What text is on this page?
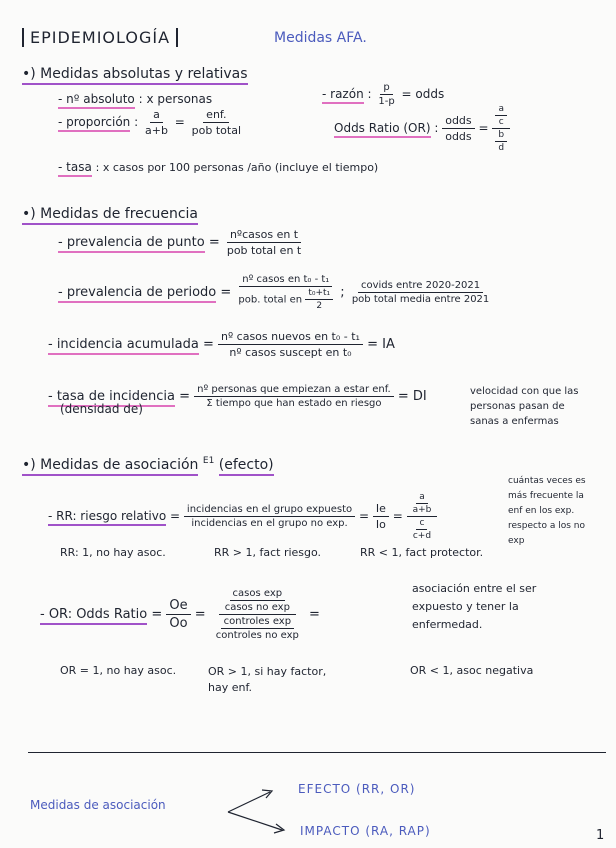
EPIDEMIOLOGÍA	Medidas AFA.
•) Medidas absolutas y relativas
- nº absoluto : x personas
- proporción : $\frac{a}{a+b} = \frac{\text{enf.}}{\text{pob total}}$
- razón : $\frac{p}{1-p}$ = odds
Odds Ratio (OR) : $\frac{\text{odds}}{\text{odds}} = \frac{\frac{a}{c}}{\frac{b}{d}}$
- tasa : x casos por 100 personas /año (incluye el tiempo)
•) Medidas de frecuencia
- prevalencia de punto = $\frac{\text{nºcasos en t}}{\text{pob total en t}}$
- prevalencia de periodo = $\frac{\text{nº casos en t₀ - t₁}}{pob. total en \frac{\text{t₀+t₁}}{2}}$ ; $\frac{\text{covids entre 2020-2021}}{\text{pob total media entre 2021}}$
- incidencia acumulada = $\frac{\text{nº casos nuevos en t₀ - t₁}}{\text{nº casos suscept en t₀}}$ = IA
- tasa de incidencia = $\frac{\text{nº personas que empiezan a estar enf.}}{\text{Σ tiempo que han estado en riesgo}}$ = DI
(densidad de)
velocidad con que las personas pasan de sanas a enfermas
•) Medidas de asociación $^{E1}$ (efecto)
- RR: riesgo relativo = $\frac{\text{incidencias en el grupo expuesto}}{\text{incidencias en el grupo no exp.}} = \frac{Ie}{Io} = \frac{\frac{a}{a+b}}{\frac{c}{c+d}}$
cuántas veces es más frecuente la enf en los exp. respecto a los no exp
RR: 1, no hay asoc.	RR > 1, fact riesgo.	RR < 1, fact protector.
- OR: Odds Ratio = $\frac{Oe}{Oo} = \frac{\frac{\text{casos exp}}{\text{casos no exp}}}{\frac{\text{controles exp}}{\text{controles no exp}}}$ =
asociación entre el ser expuesto y tener la enfermedad.
OR = 1, no hay asoc.	OR > 1, si hay factor, hay enf.
OR < 1, asoc negativa
Medidas de asociación
EFECTO (RR, OR)
IMPACTO (RA, RAP)	1
